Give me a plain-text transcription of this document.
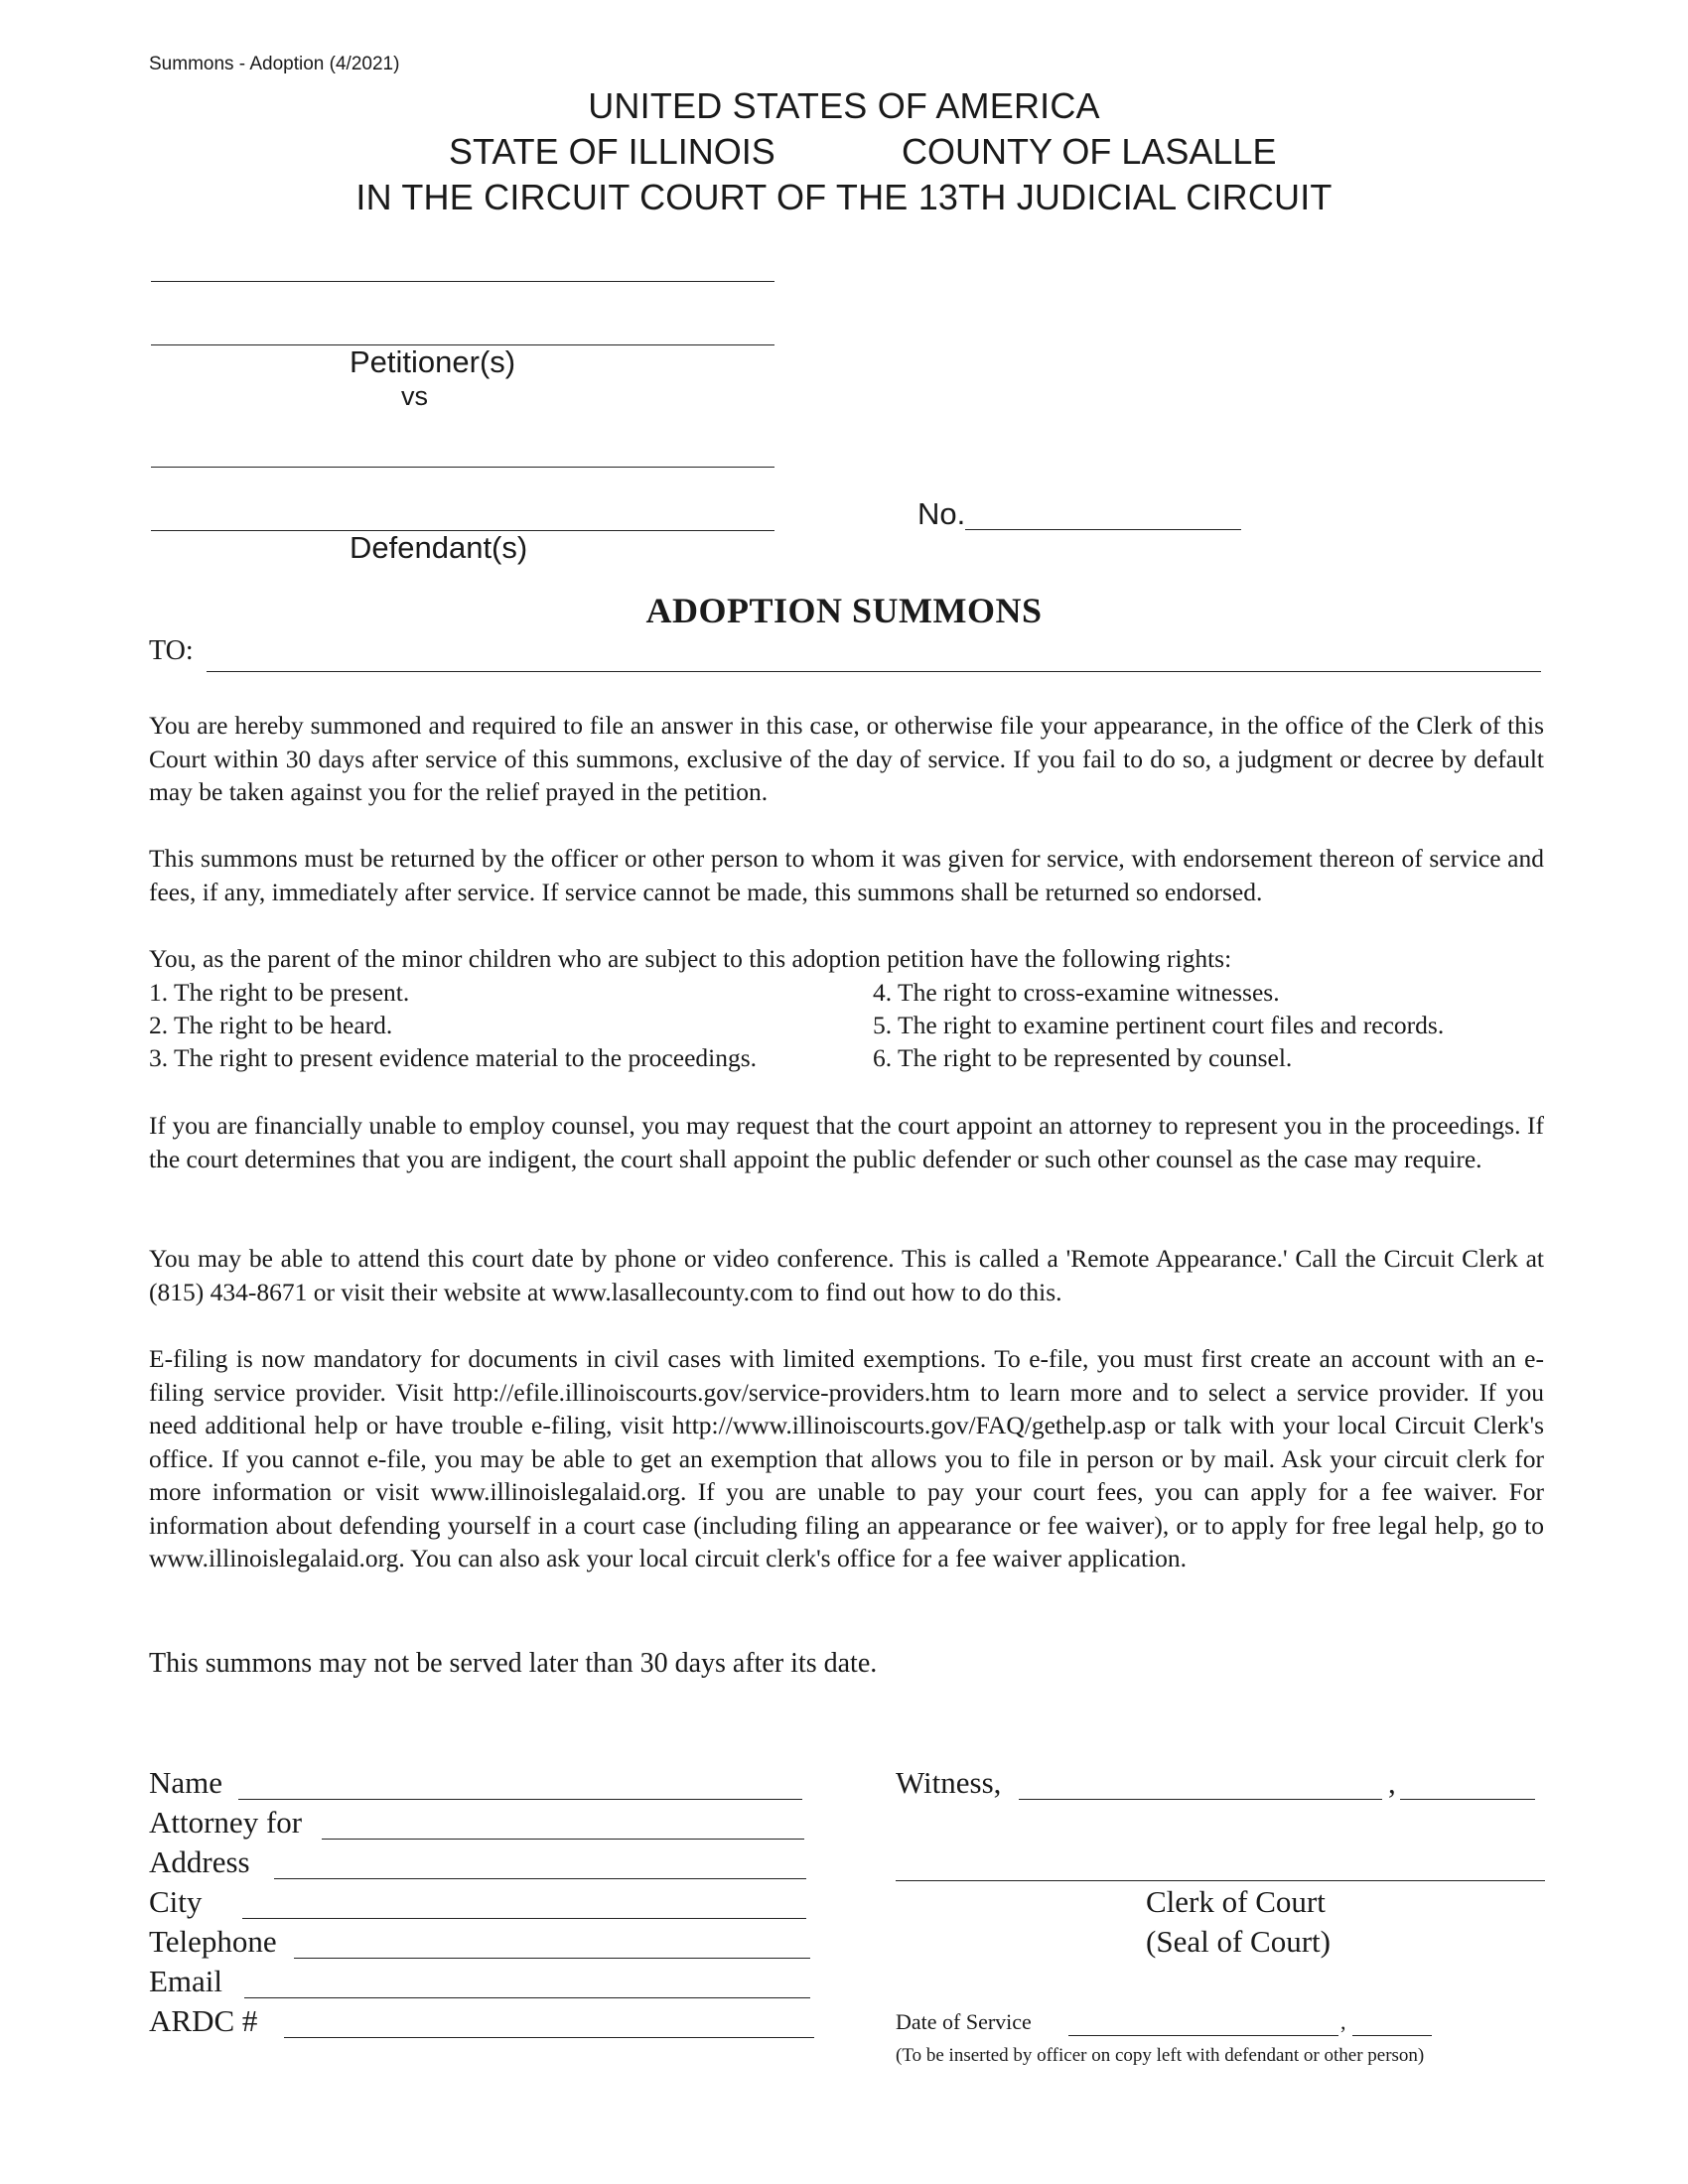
Summons - Adoption (4/2021)
UNITED STATES OF AMERICA
STATE OF ILLINOIS	COUNTY OF LASALLE
IN THE CIRCUIT COURT OF THE 13TH JUDICIAL CIRCUIT
Petitioner(s)
vs
Defendant(s)
No.
ADOPTION SUMMONS
TO:
You are hereby summoned and required to file an answer in this case, or otherwise file your appearance, in the office of the Clerk of this Court within 30 days after service of this summons, exclusive of the day of service. If you fail to do so, a judgment or decree by default may be taken against you for the relief prayed in the petition.
This summons must be returned by the officer or other person to whom it was given for service, with endorsement thereon of service and fees, if any, immediately after service. If service cannot be made, this summons shall be returned so endorsed.
You, as the parent of the minor children who are subject to this adoption petition have the following rights:
1. The right to be present.
2. The right to be heard.
3. The right to present evidence material to the proceedings.
4. The right to cross-examine witnesses.
5. The right to examine pertinent court files and records.
6. The right to be represented by counsel.
If you are financially unable to employ counsel, you may request that the court appoint an attorney to represent you in the proceedings. If the court determines that you are indigent, the court shall appoint the public defender or such other counsel as the case may require.
You may be able to attend this court date by phone or video conference. This is called a 'Remote Appearance.' Call the Circuit Clerk at (815) 434-8671 or visit their website at www.lasallecounty.com to find out how to do this.
E-filing is now mandatory for documents in civil cases with limited exemptions. To e-file, you must first create an account with an e-filing service provider. Visit http://efile.illinoiscourts.gov/service-providers.htm to learn more and to select a service provider. If you need additional help or have trouble e-filing, visit http://www.illinoiscourts.gov/FAQ/gethelp.asp or talk with your local Circuit Clerk's office. If you cannot e-file, you may be able to get an exemption that allows you to file in person or by mail. Ask your circuit clerk for more information or visit www.illinoislegalaid.org. If you are unable to pay your court fees, you can apply for a fee waiver. For information about defending yourself in a court case (including filing an appearance or fee waiver), or to apply for free legal help, go to www.illinoislegalaid.org. You can also ask your local circuit clerk's office for a fee waiver application.
This summons may not be served later than 30 days after its date.
Name
Attorney for
Address
City
Telephone
Email
ARDC #
Witness,	,
Clerk of Court
(Seal of Court)
Date of Service	,
(To be inserted by officer on copy left with defendant or other person)
